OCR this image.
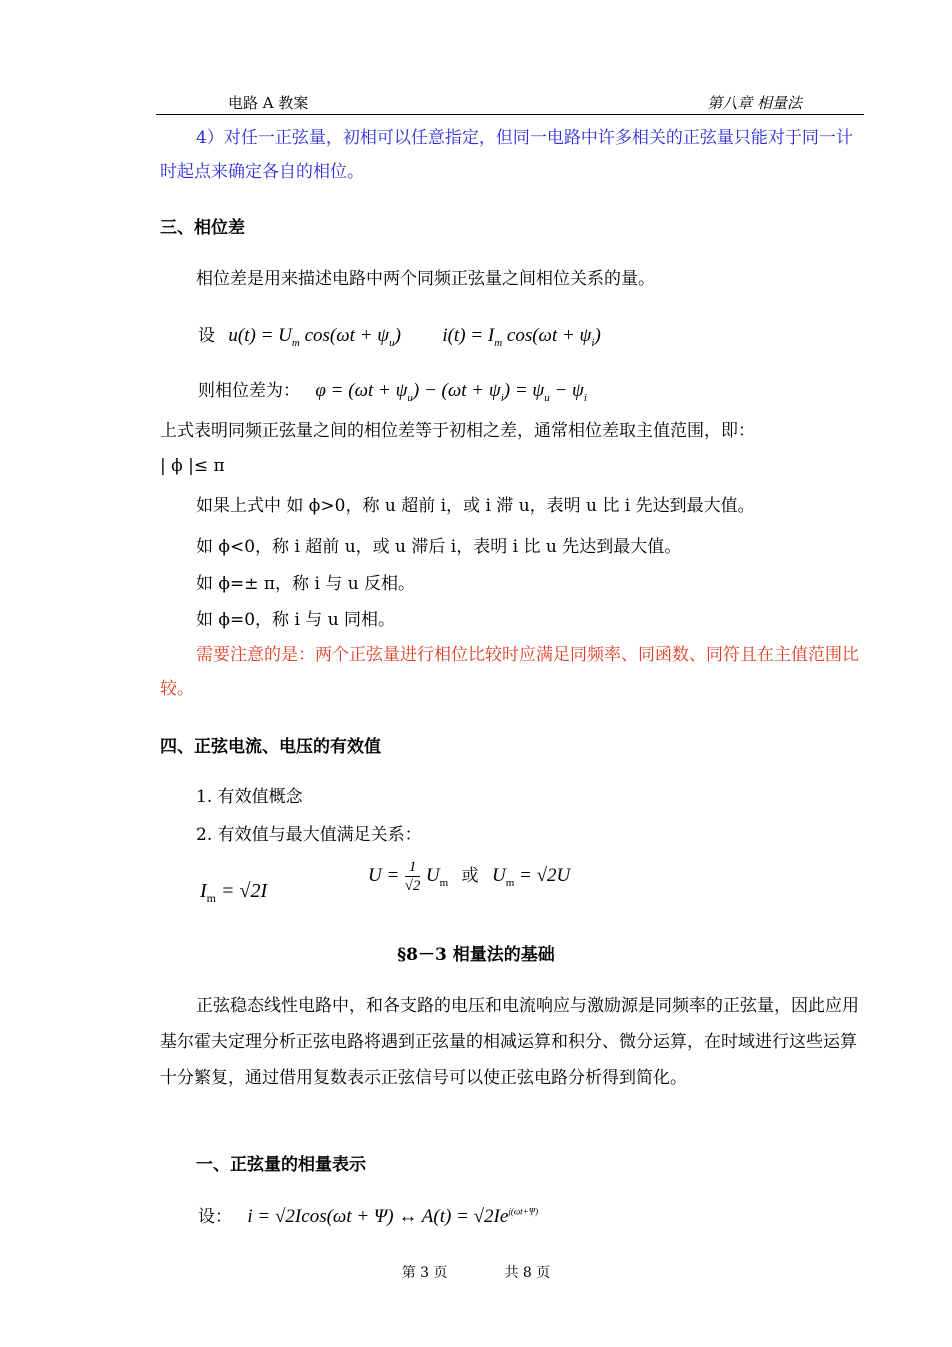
电路 A 教案	第八章 相量法
4）对任一正弦量，初相可以任意指定，但同一电路中许多相关的正弦量只能对于同一计时起点来确定各自的相位。
三、相位差
相位差是用来描述电路中两个同频正弦量之间相位关系的量。
设 $u(t) = U_m$ $\cos(\omega t + \psi_u)$ $i(t) = I_m$ $\cos(\omega t + \psi_i)$
则相位差为： $\varphi = (\omega t + \psi_u) - (\omega t + \psi_i) = \psi_u - \psi_i$
上式表明同频正弦量之间的相位差等于初相之差，通常相位差取主值范围，即：
| ϕ |≤ π
如果上式中 如 ϕ>0，称 u 超前 i，或 i 滞 u，表明 u 比 i 先达到最大值。
如 ϕ<0，称 i 超前 u，或 u 滞后 i，表明 i 比 u 先达到最大值。
如 ϕ=± π，称 i 与 u 反相。
如 ϕ=0，称 i 与 u 同相。
需要注意的是：两个正弦量进行相位比较时应满足同频率、同函数、同符且在主值范围比较。
四、正弦电流、电压的有效值
1. 有效值概念
2. 有效值与最大值满足关系：
$I_m = √2I$
$U = \frac{1}{√2} U_m$ 或 $U_m = √2U$
§8－3 相量法的基础
正弦稳态线性电路中，和各支路的电压和电流响应与激励源是同频率的正弦量，因此应用基尔霍夫定理分析正弦电路将遇到正弦量的相减运算和积分、微分运算，在时域进行这些运算十分繁复，通过借用复数表示正弦信号可以使正弦电路分析得到简化。
一、正弦量的相量表示
设： i = √2Icos(ωt + Ψ) ↔ $A(t) = √2Ie^{j(\omega t+\Psi)}$
第 3 页	共 8 页
